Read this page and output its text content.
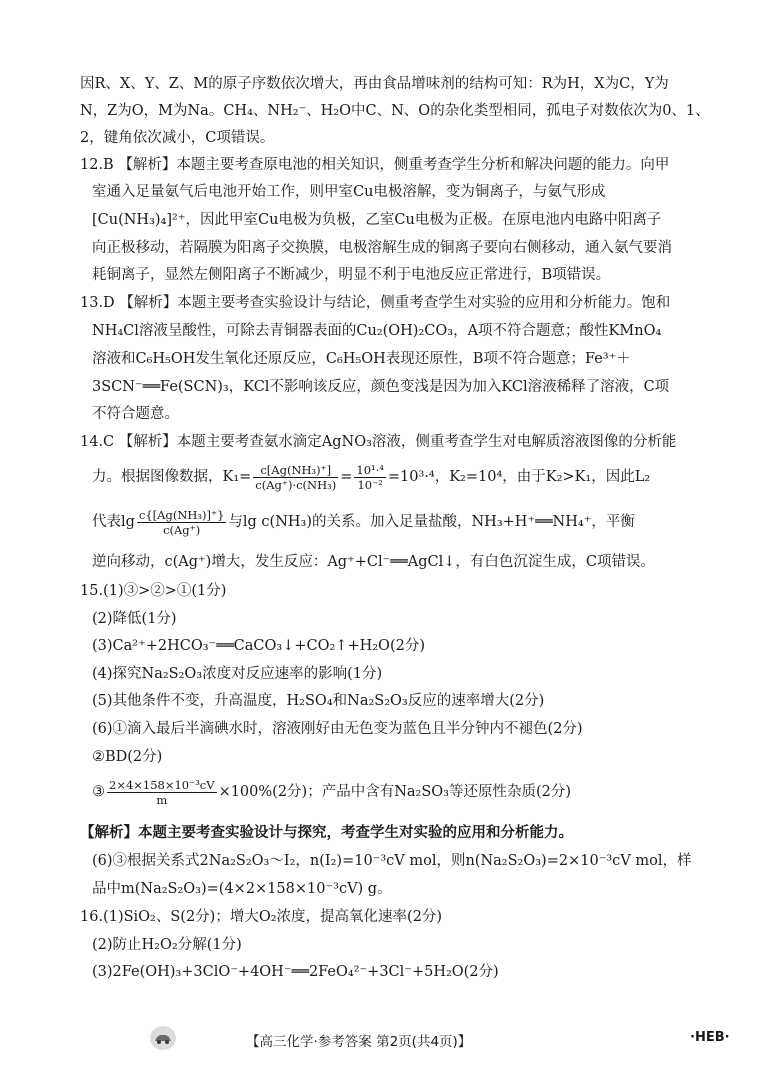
因R、X、Y、Z、M的原子序数依次增大，再由食品增味剂的结构可知：R为H，X为C，Y为
N，Z为O，M为Na。CH₄、NH₂⁻、H₂O中C、N、O的杂化类型相同，孤电子对数依次为0、1、
2，键角依次减小，C项错误。
12.B 【解析】本题主要考查原电池的相关知识，侧重考查学生分析和解决问题的能力。向甲
室通入足量氨气后电池开始工作，则甲室Cu电极溶解，变为铜离子，与氨气形成
[Cu(NH₃)₄]²⁺，因此甲室Cu电极为负极，乙室Cu电极为正极。在原电池内电路中阳离子
向正极移动，若隔膜为阳离子交换膜，电极溶解生成的铜离子要向右侧移动，通入氨气要消
耗铜离子，显然左侧阳离子不断减少，明显不利于电池反应正常进行，B项错误。
13.D 【解析】本题主要考查实验设计与结论，侧重考查学生对实验的应用和分析能力。饱和
NH₄Cl溶液呈酸性，可除去青铜器表面的Cu₂(OH)₂CO₃，A项不符合题意；酸性KMnO₄
溶液和C₆H₅OH发生氧化还原反应，C₆H₅OH表现还原性，B项不符合题意；Fe³⁺＋
3SCN⁻══Fe(SCN)₃，KCl不影响该反应，颜色变浅是因为加入KCl溶液稀释了溶液，C项
不符合题意。
14.C 【解析】本题主要考查氨水滴定AgNO₃溶液，侧重考查学生对电解质溶液图像的分析能
力。根据图像数据，$K_1= \frac{\text{c[Ag(NH₃)⁺]}}{\text{c(Ag⁺)·c(NH₃)}} = \frac{\text{10¹·⁴}}{\text{10⁻²}} =10^3\cdot^4$，K₂=10⁴，由于K₂>K₁，因此L₂
代表$\lg \frac{\text{c\{[Ag(NH₃)]⁺\}}}{c(Ag^+)}$ 与lg c(NH₃)的关系。加入足量盐酸，NH₃+H⁺══NH₄⁺，平衡
逆向移动，c(Ag⁺)增大，发生反应：Ag⁺+Cl⁻══AgCl↓，有白色沉淀生成，C项错误。
15.(1)③>②>①(1分)
(2)降低(1分)
(3)Ca²⁺+2HCO₃⁻══CaCO₃↓+CO₂↑+H₂O(2分)
(4)探究Na₂S₂O₃浓度对反应速率的影响(1分)
(5)其他条件不变，升高温度，H₂SO₄和Na₂S₂O₃反应的速率增大(2分)
(6)①滴入最后半滴碘水时，溶液刚好由无色变为蓝色且半分钟内不褪色(2分)
②BD(2分)
③ $\frac{\text{2×4×158×10⁻³cV}}{m} \times 100\%(2$分)；产品中含有Na₂SO₃等还原性杂质(2分)
【解析】本题主要考查实验设计与探究，考查学生对实验的应用和分析能力。
(6)③根据关系式2Na₂S₂O₃～I₂，n(I₂)=10⁻³cV mol，则n(Na₂S₂O₃)=2×10⁻³cV mol，样
品中m(Na₂S₂O₃)=(4×2×158×10⁻³cV) g。
16.(1)SiO₂、S(2分)；增大O₂浓度，提高氧化速率(2分)
(2)防止H₂O₂分解(1分)
(3)2Fe(OH)₃+3ClO⁻+4OH⁻══2FeO₄²⁻+3Cl⁻+5H₂O(2分)
【高三化学·参考答案 第2页(共4页)】	·HEB·
